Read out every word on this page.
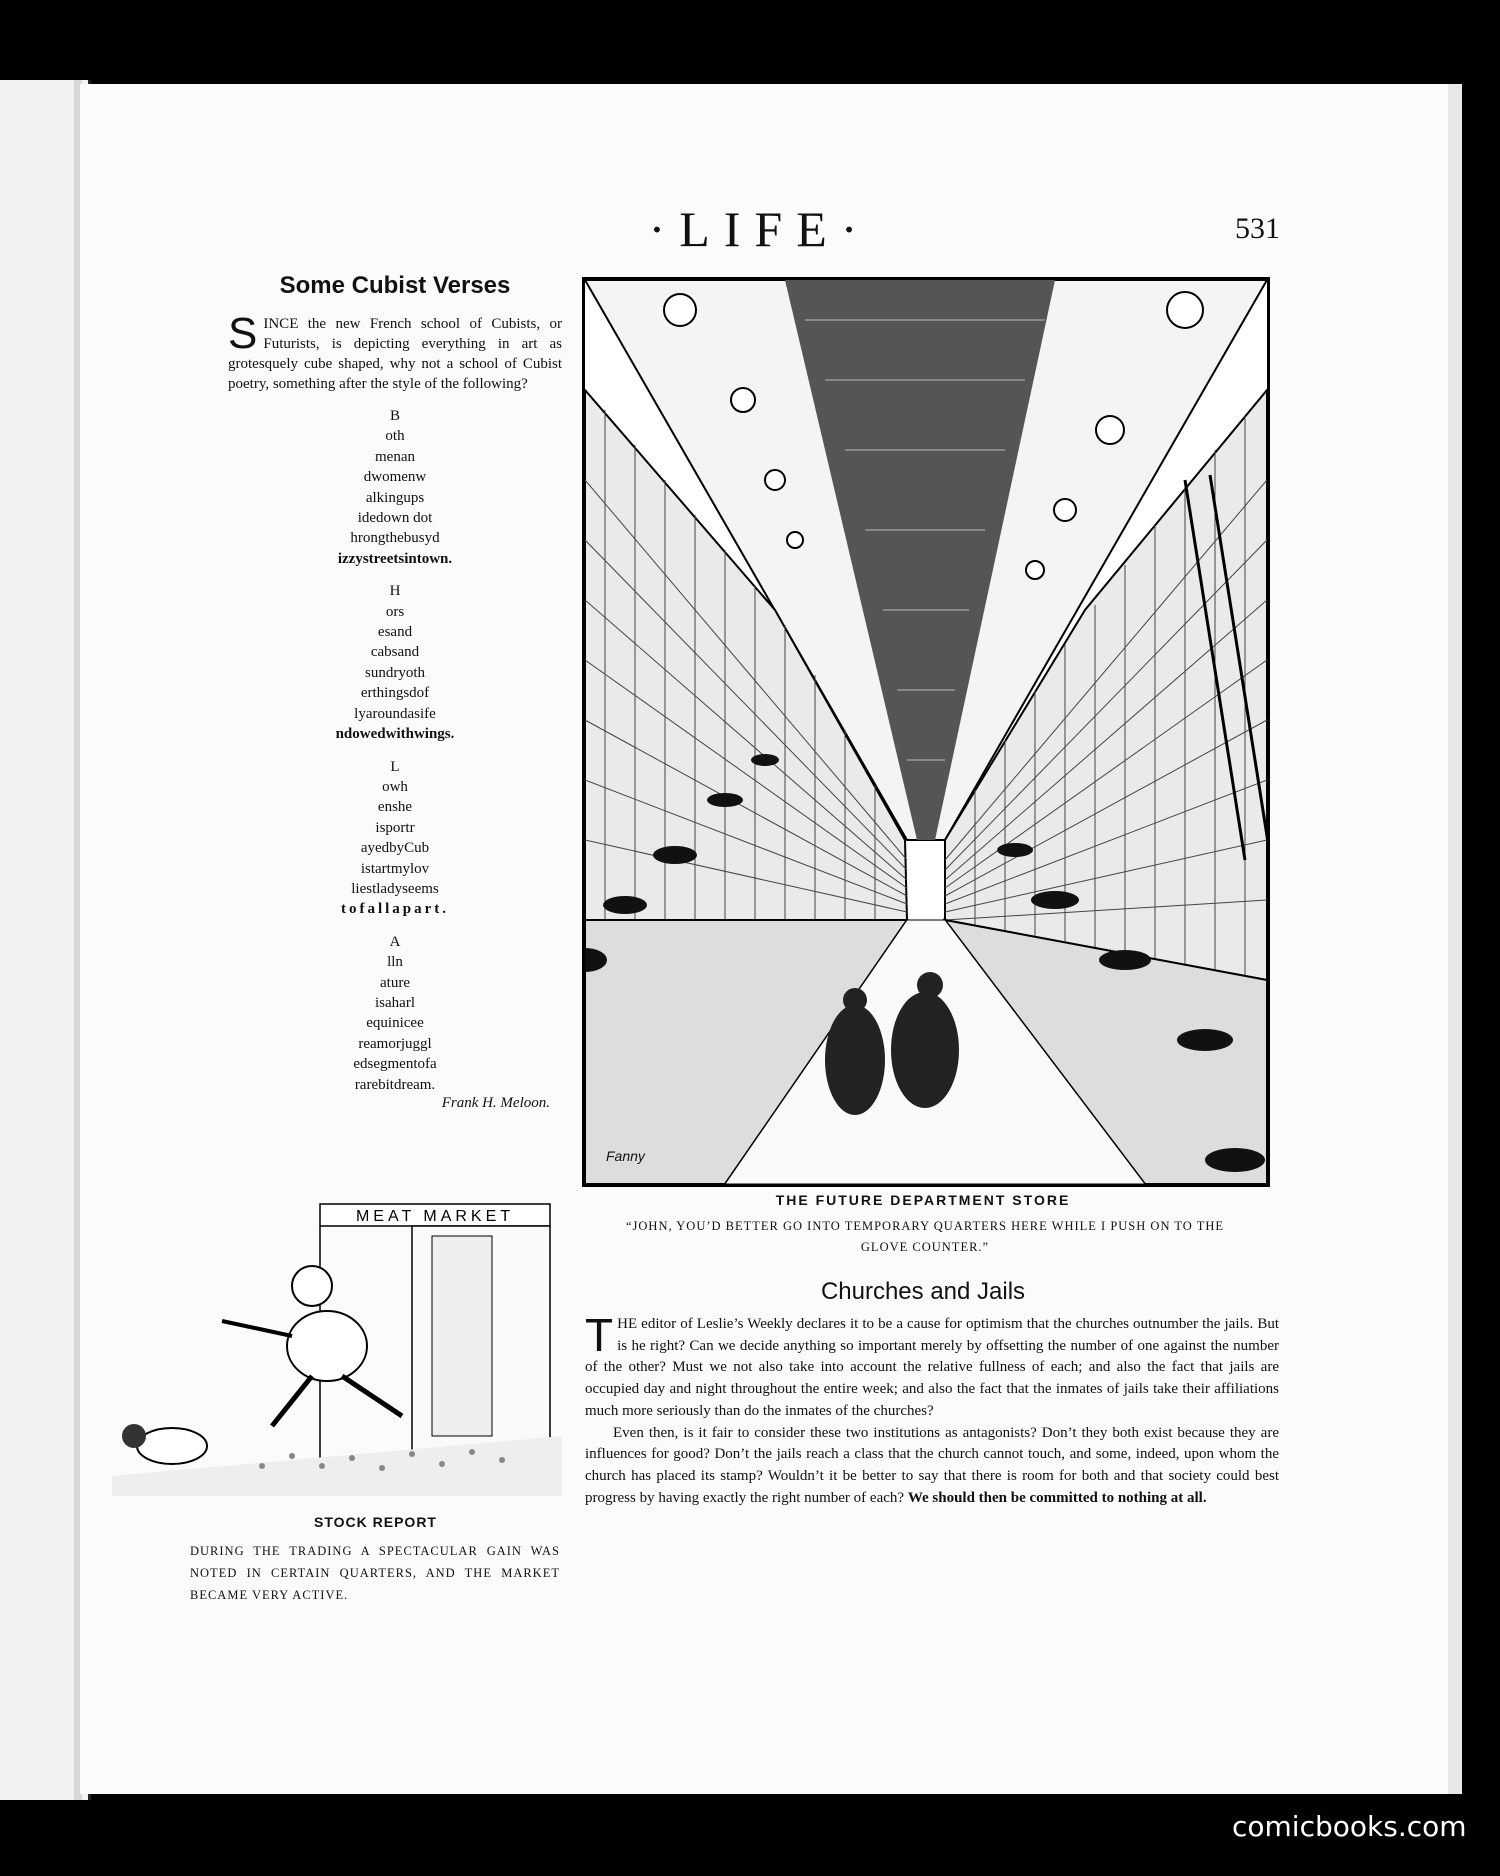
·LIFE·	531
Some Cubist Verses
S INCE the new French school of Cubists, or Futurists, is depicting everything in art as grotesquely cube shaped, why not a school of Cubist poetry, something after the style of the following?
B
oth
menan
dwomenw
alkingups
idedown dot
hrongthebusyd
izzystreetsintown.
H
ors
esand
cabsand
sundryoth
erthingsdof
lyaroundasife
ndowedwithwings.
L
owh
enshe
isportr
ayedbyCub
istartmylov
liestladyseems
tofallapart.
A
lln
ature
isaharl
equinicee
reamorjuggl
edsegmentofa
rarebitdream.
Frank H. Meloon.
Fanny
THE FUTURE DEPARTMENT STORE
“JOHN, YOU’D BETTER GO INTO TEMPORARY QUARTERS HERE WHILE I PUSH ON TO THE GLOVE COUNTER.”
MEAT MARKET
STOCK REPORT
DURING THE TRADING A SPECTACULAR GAIN WAS NOTED IN CERTAIN QUARTERS, AND THE MARKET BECAME VERY ACTIVE.
Churches and Jails

THE editor of Leslie’s Weekly declares it to be a cause for optimism that the churches outnumber the jails. But is he right? Can we decide anything so important merely by offsetting the number of one against the number of the other? Must we not also take into account the relative fullness of each; and also the fact that jails are occupied day and night throughout the entire week; and also the fact that the inmates of jails take their affiliations much more seriously than do the inmates of the churches?

Even then, is it fair to consider these two institutions as antagonists? Don’t they both exist because they are influences for good? Don’t the jails reach a class that the church cannot touch, and some, indeed, upon whom the church has placed its stamp? Wouldn’t it be better to say that there is room for both and that society could best progress by having exactly the right number of each? We should then be committed to nothing at all.

comicbooks.com
